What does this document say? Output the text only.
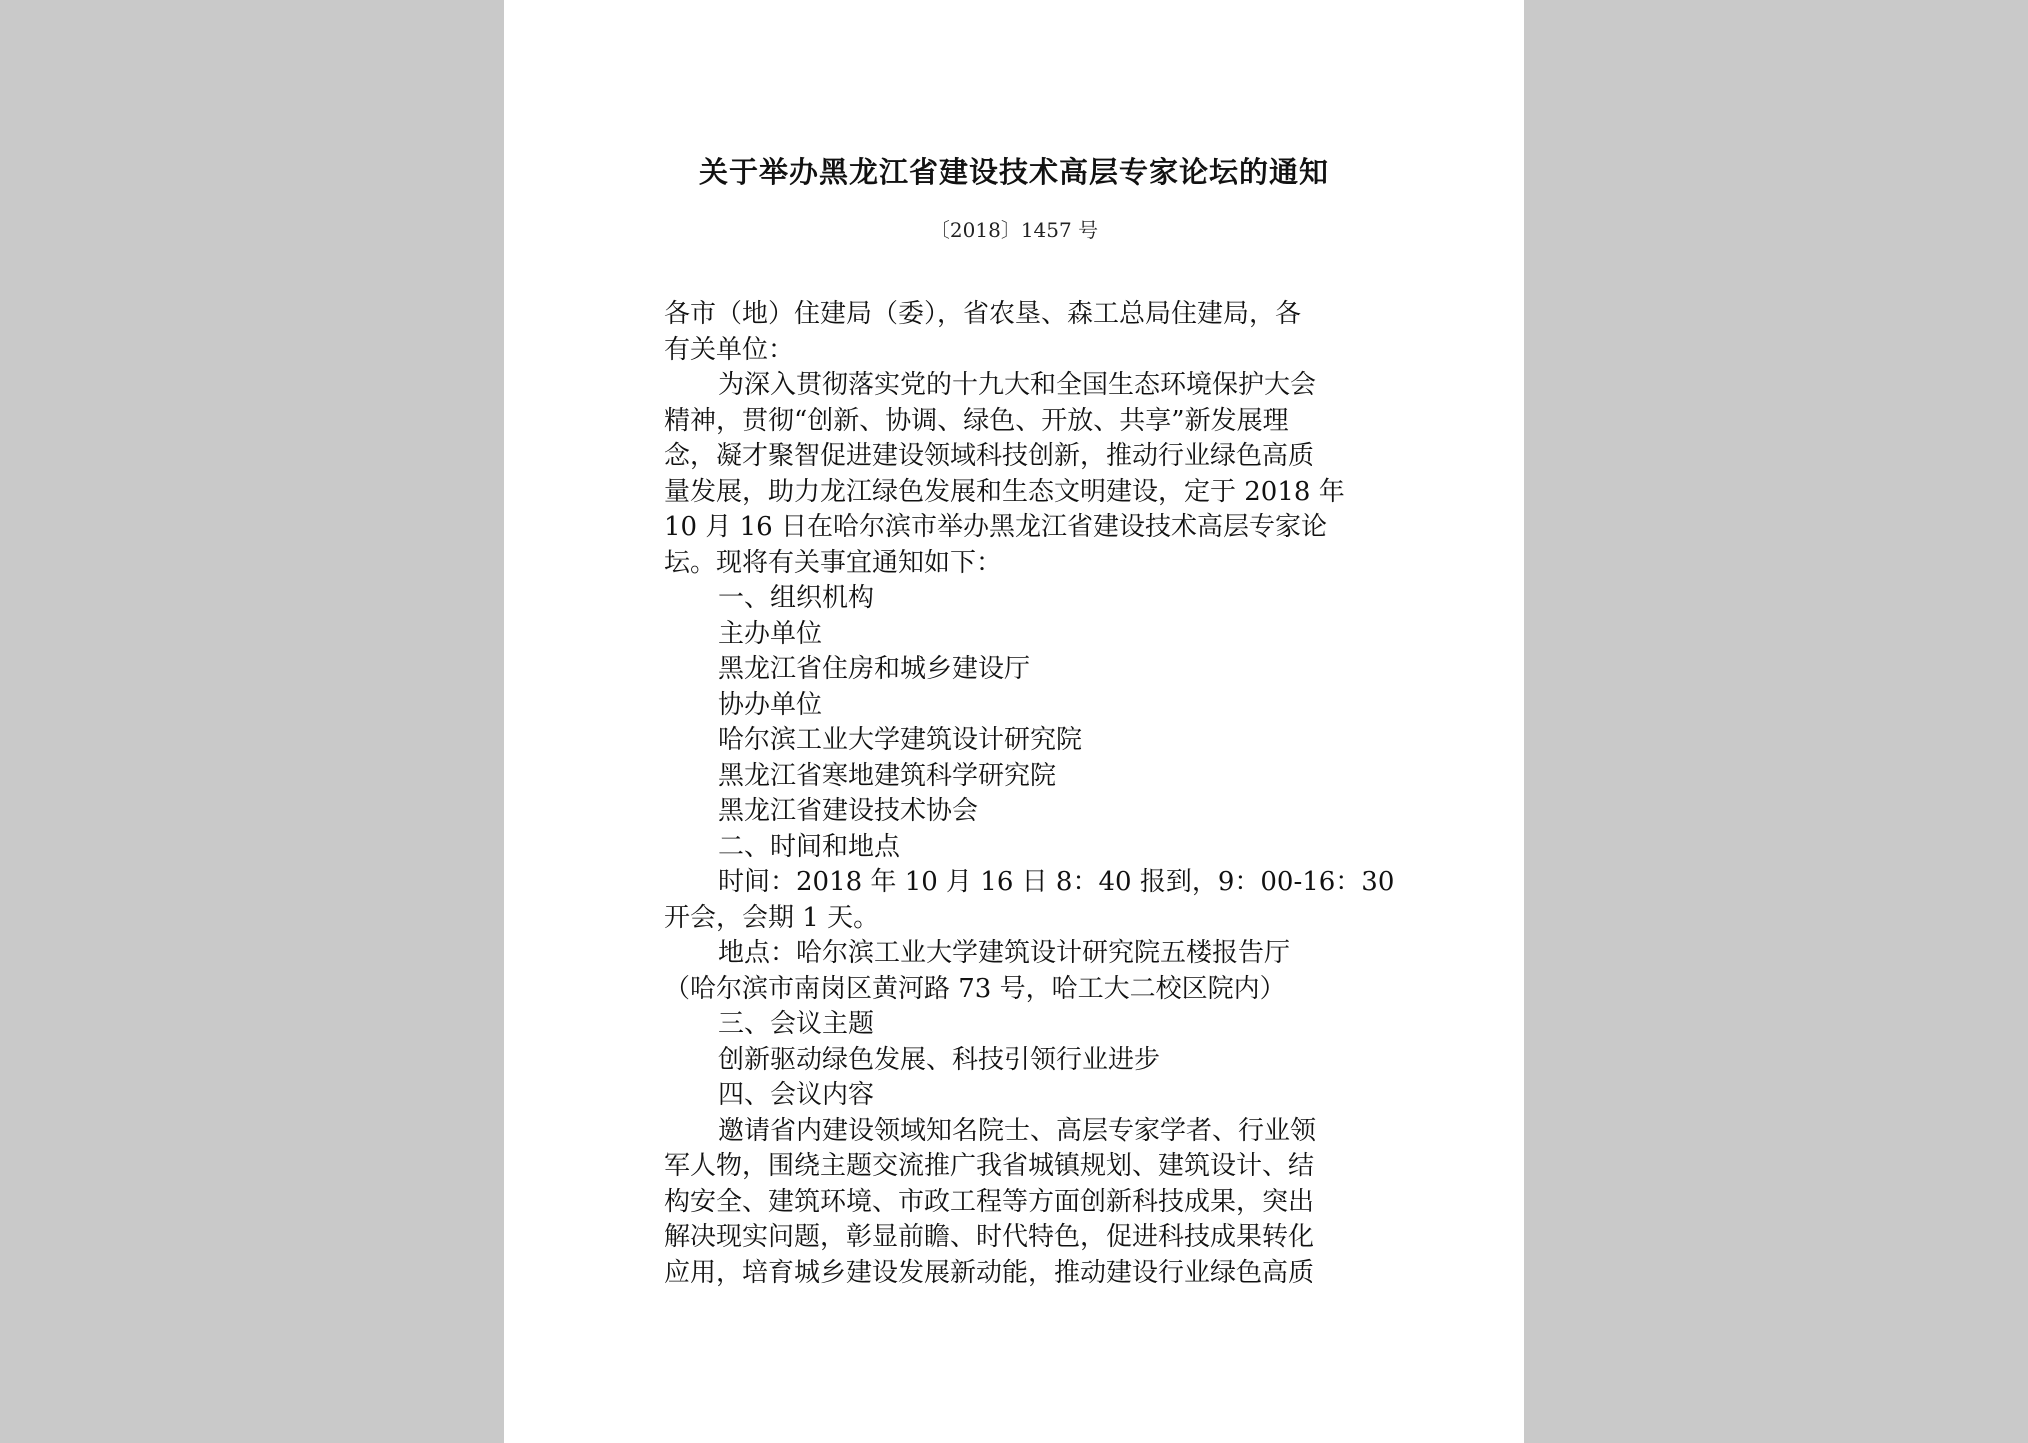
关于举办黑龙江省建设技术高层专家论坛的通知
〔2018〕1457 号
各市（地）住建局（委），省农垦、森工总局住建局，各
有关单位：
为深入贯彻落实党的十九大和全国生态环境保护大会
精神，贯彻“创新、协调、绿色、开放、共享”新发展理
念，凝才聚智促进建设领域科技创新，推动行业绿色高质
量发展，助力龙江绿色发展和生态文明建设，定于 2018 年
10 月 16 日在哈尔滨市举办黑龙江省建设技术高层专家论
坛。现将有关事宜通知如下：
一、组织机构
主办单位
黑龙江省住房和城乡建设厅
协办单位
哈尔滨工业大学建筑设计研究院
黑龙江省寒地建筑科学研究院
黑龙江省建设技术协会
二、时间和地点
时间：2018 年 10 月 16 日 8：40 报到，9：00-16：30
开会，会期 1 天。
地点：哈尔滨工业大学建筑设计研究院五楼报告厅
（哈尔滨市南岗区黄河路 73 号，哈工大二校区院内）
三、会议主题
创新驱动绿色发展、科技引领行业进步
四、会议内容
邀请省内建设领域知名院士、高层专家学者、行业领
军人物，围绕主题交流推广我省城镇规划、建筑设计、结
构安全、建筑环境、市政工程等方面创新科技成果，突出
解决现实问题，彰显前瞻、时代特色，促进科技成果转化
应用，培育城乡建设发展新动能，推动建设行业绿色高质
